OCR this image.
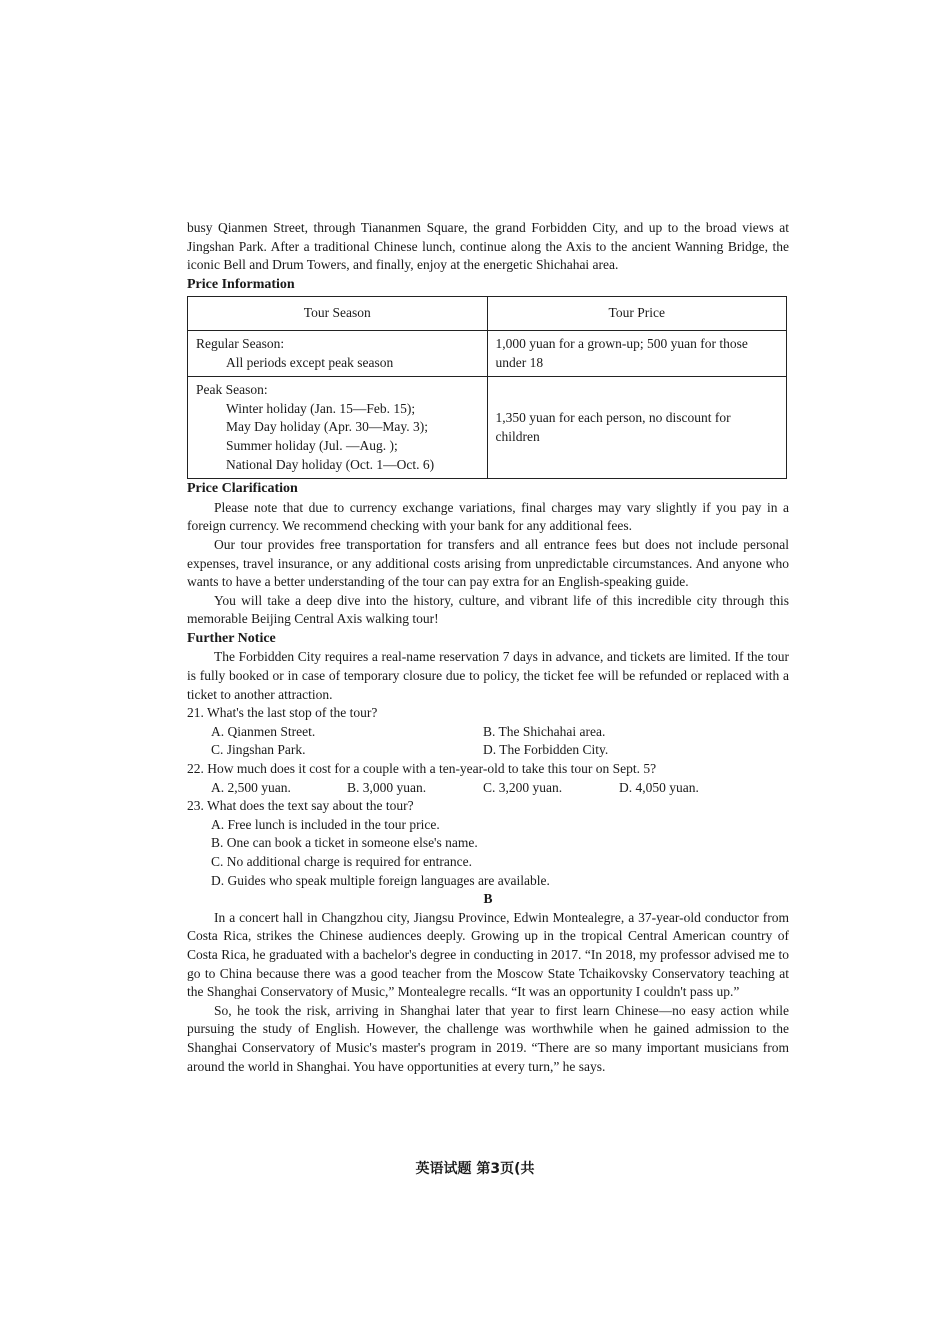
busy Qianmen Street, through Tiananmen Square, the grand Forbidden City, and up to the broad views at Jingshan Park. After a traditional Chinese lunch, continue along the Axis to the ancient Wanning Bridge, the iconic Bell and Drum Towers, and finally, enjoy at the energetic Shichahai area.

Price Information
Tour Season	Tour Price

Regular Season:
All periods except peak season	1,000 yuan for a grown-up; 500 yuan for those under 18

Peak Season:
Winter holiday (Jan. 15—Feb. 15);
May Day holiday (Apr. 30—May. 3);
Summer holiday (Jul. —Aug. );
National Day holiday (Oct. 1—Oct. 6)	1,350 yuan for each person, no discount for children
Price Clarification

Please note that due to currency exchange variations, final charges may vary slightly if you pay in a foreign currency. We recommend checking with your bank for any additional fees.

Our tour provides free transportation for transfers and all entrance fees but does not include personal expenses, travel insurance, or any additional costs arising from unpredictable circumstances. And anyone who wants to have a better understanding of the tour can pay extra for an English-speaking guide.

You will take a deep dive into the history, culture, and vibrant life of this incredible city through this memorable Beijing Central Axis walking tour!

Further Notice

The Forbidden City requires a real-name reservation 7 days in advance, and tickets are limited. If the tour is fully booked or in case of temporary closure due to policy, the ticket fee will be refunded or replaced with a ticket to another attraction.

21. What's the last stop of the tour?
A. Qianmen Street.	B. The Shichahai area.
C. Jingshan Park.	D. The Forbidden City.
22. How much does it cost for a couple with a ten-year-old to take this tour on Sept. 5?
A. 2,500 yuan.	B. 3,000 yuan.	C. 3,200 yuan.	D. 4,050 yuan.
23. What does the text say about the tour?
A. Free lunch is included in the tour price.
B. One can book a ticket in someone else's name.
C. No additional charge is required for entrance.
D. Guides who speak multiple foreign languages are available.
B

In a concert hall in Changzhou city, Jiangsu Province, Edwin Montealegre, a 37-year-old conductor from Costa Rica, strikes the Chinese audiences deeply. Growing up in the tropical Central American country of Costa Rica, he graduated with a bachelor's degree in conducting in 2017. “In 2018, my professor advised me to go to China because there was a good teacher from the Moscow State Tchaikovsky Conservatory teaching at the Shanghai Conservatory of Music,” Montealegre recalls. “It was an opportunity I couldn't pass up.”

So, he took the risk, arriving in Shanghai later that year to first learn Chinese—no easy action while pursuing the study of English. However, the challenge was worthwhile when he gained admission to the Shanghai Conservatory of Music's master's program in 2019. “There are so many important musicians from around the world in Shanghai. You have opportunities at every turn,” he says.

英语试题 第3页(共
